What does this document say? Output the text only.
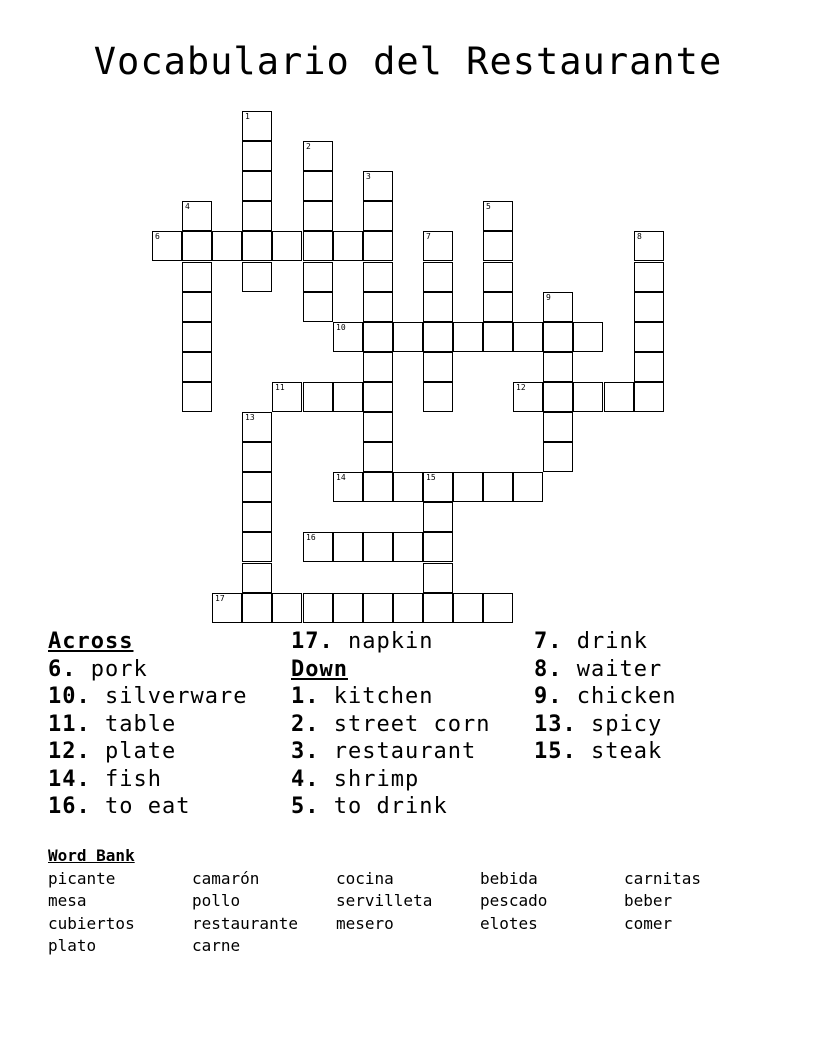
Vocabulario del Restaurante
1
2
3
4	5
6	7	8
9
10
11	12
13
14	15
16
17
Across
6. pork
10. silverware
11. table
12. plate
14. fish
16. to eat
17. napkin
Down
1. kitchen
2. street corn
3. restaurant
4. shrimp
5. to drink
7. drink
8. waiter
9. chicken
13. spicy
15. steak
Word Bank
picante	camarón	cocina	bebida	carnitas
mesa	pollo	servilleta	pescado	beber
cubiertos	restaurante	mesero	elotes	comer
plato	carne
